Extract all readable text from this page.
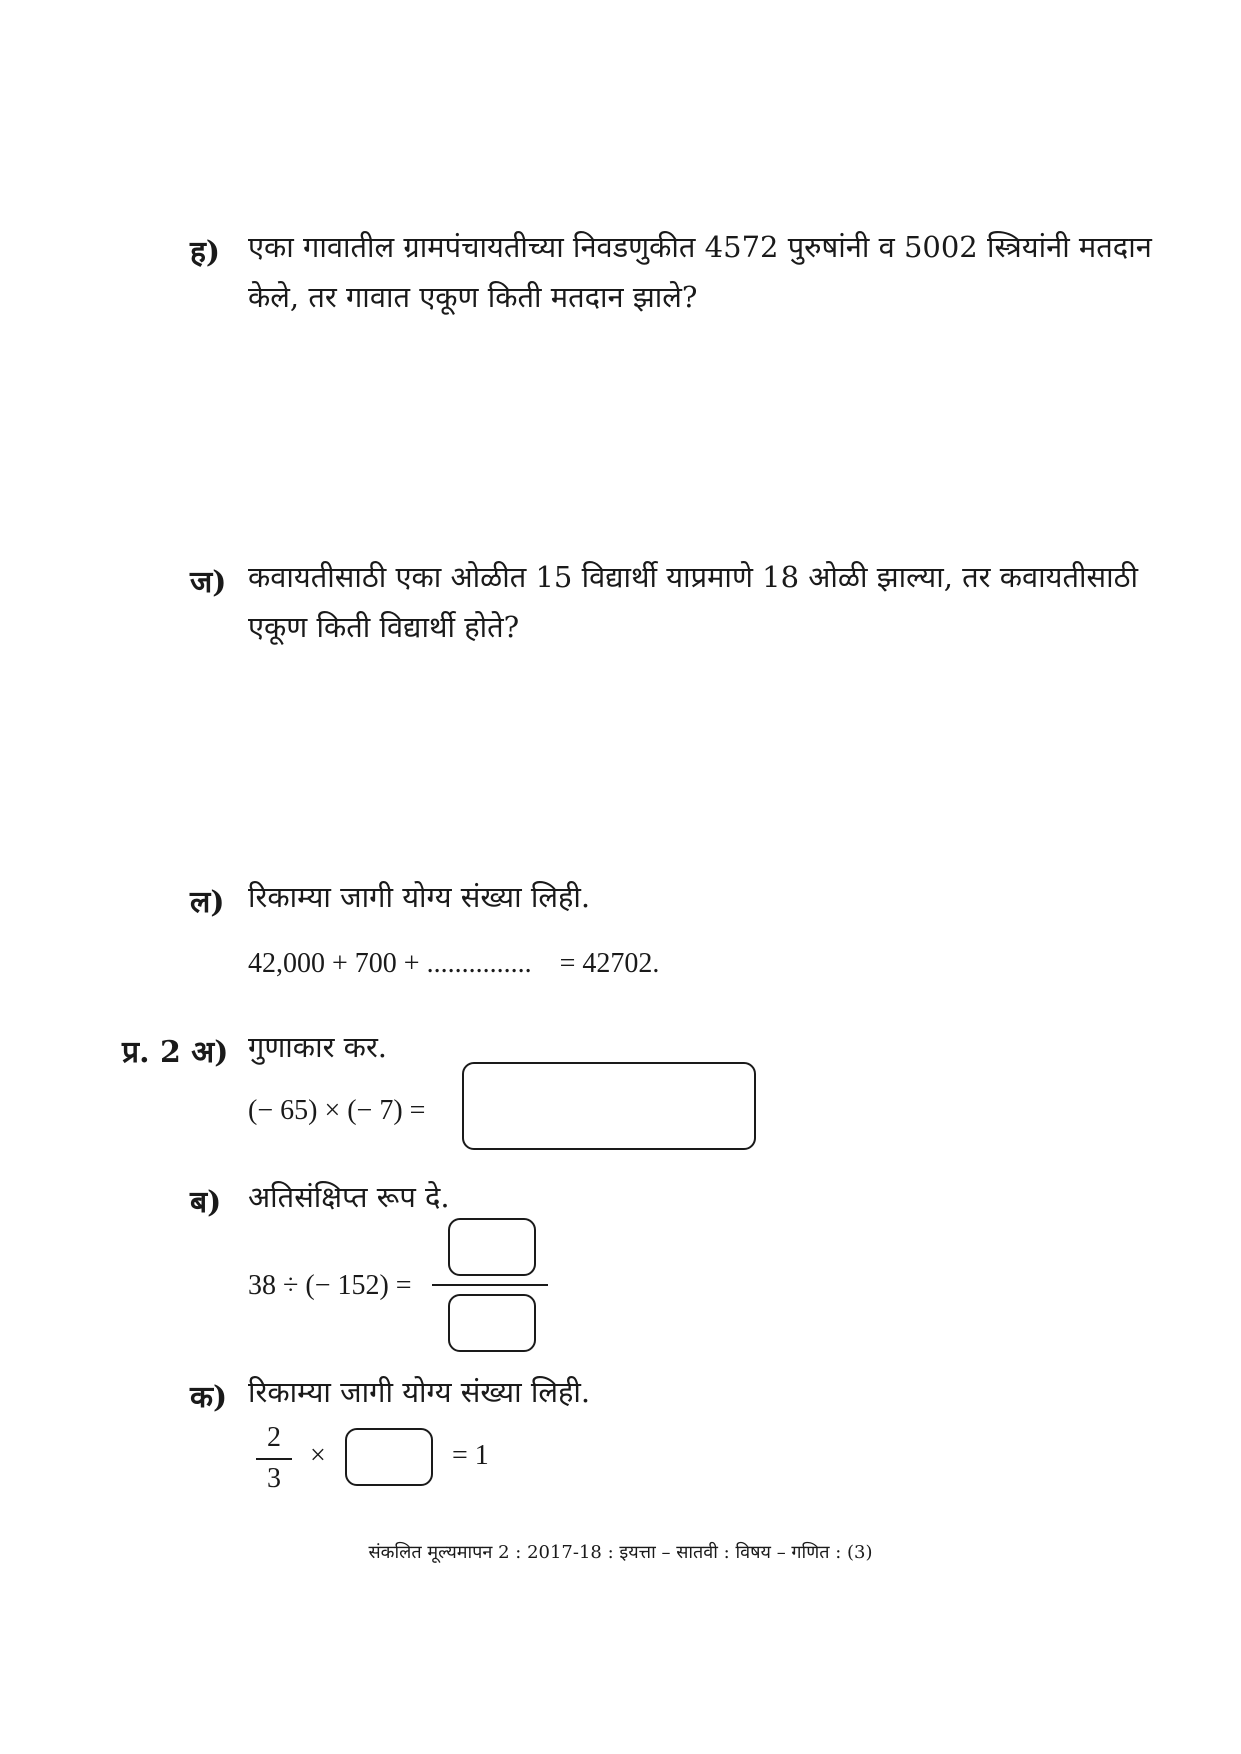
ह) एका गावातील ग्रामपंचायतीच्या निवडणुकीत 4572 पुरुषांनी व 5002 स्त्रियांनी मतदान
केले, तर गावात एकूण किती मतदान झाले?
ज) कवायतीसाठी एका ओळीत 15 विद्यार्थी याप्रमाणे 18 ओळी झाल्या, तर कवायतीसाठी
एकूण किती विद्यार्थी होते?
ल) रिकाम्या जागी योग्य संख्या लिही.
42,000 + 700 + ............... = 42702.
प्र. 2 अ) गुणाकार कर.
(− 65) × (− 7) =
ब) अतिसंक्षिप्त रूप दे.
38 ÷ (− 152) =
क) रिकाम्या जागी योग्य संख्या लिही.
2
3
×	= 1
संकलित मूल्यमापन 2 : 2017-18 : इयत्ता – सातवी : विषय – गणित : (3)
